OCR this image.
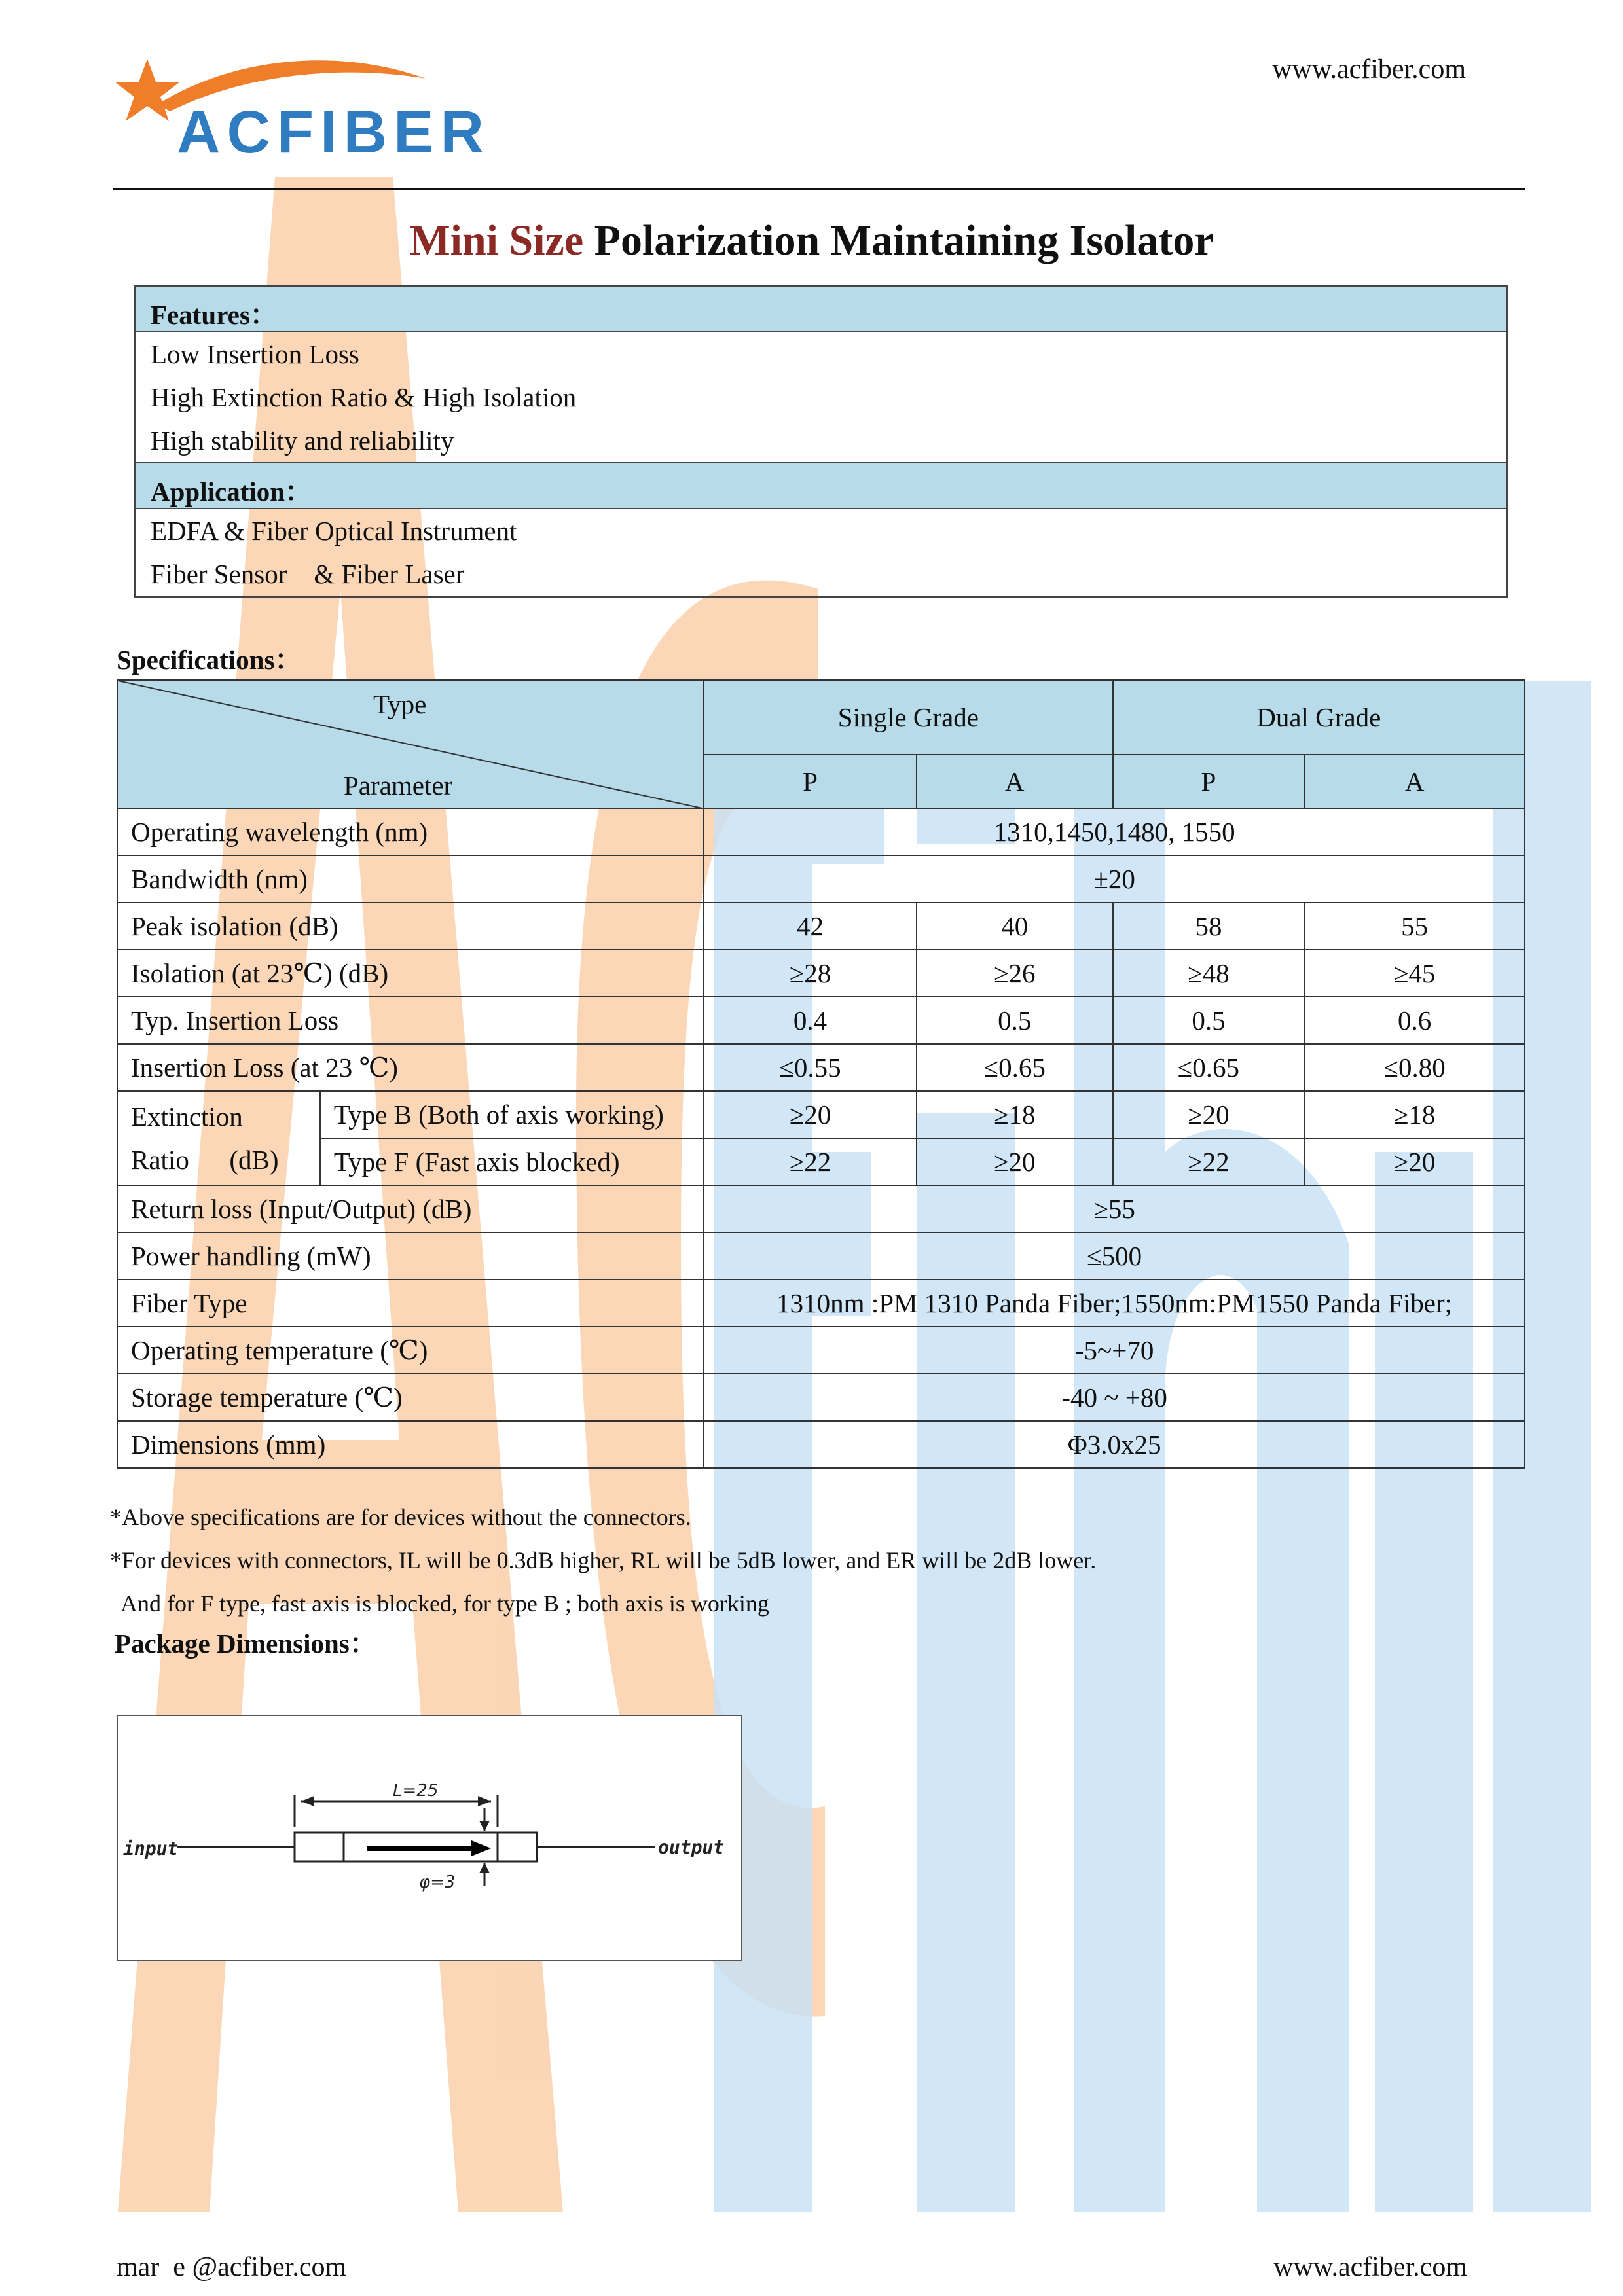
ACFIBER
www.acfiber.com
Mini Size Polarization Maintaining Isolator
Features：
Low Insertion Loss
High Extinction Ratio & High Isolation
High stability and reliability
Application：
EDFA & Fiber Optical Instrument
Fiber Sensor    & Fiber Laser
Specifications：
Type
Parameter		Single Grade		Dual Grade	
		P	A	P	A
Operating wavelength (nm)		1310,1450,1480, 1550			
Bandwidth (nm)		±20			
Peak isolation (dB)		42	40	58	55
Isolation (at 23℃) (dB)		≥28	≥26	≥48	≥45
Typ. Insertion Loss		0.4	0.5	0.5	0.6
Insertion Loss (at 23 ℃)		≤0.55	≤0.65	≤0.65	≤0.80

Extinction
Ratio      (dB)	Type B (Both of axis working)	≥20	≥18	≥20	≥18
	Type F (Fast axis blocked)	≥22	≥20	≥22	≥20
Return loss (Input/Output) (dB)		≥55			
Power handling (mW)		≤500			
Fiber Type		1310nm :PM 1310 Panda Fiber;1550nm:PM1550 Panda Fiber;			
Operating temperature (℃)		-5~+70			
Storage temperature (℃)		-40 ~ +80			
Dimensions (mm)		Φ3.0x25			
*Above specifications are for devices without the connectors.
*For devices with connectors, IL will be 0.3dB higher, RL will be 5dB lower, and ER will be 2dB lower.
And for F type, fast axis is blocked, for type B ; both axis is working
Package Dimensions：
input	output
L=25
φ=3
mar  e @acfiber.com	www.acfiber.com
